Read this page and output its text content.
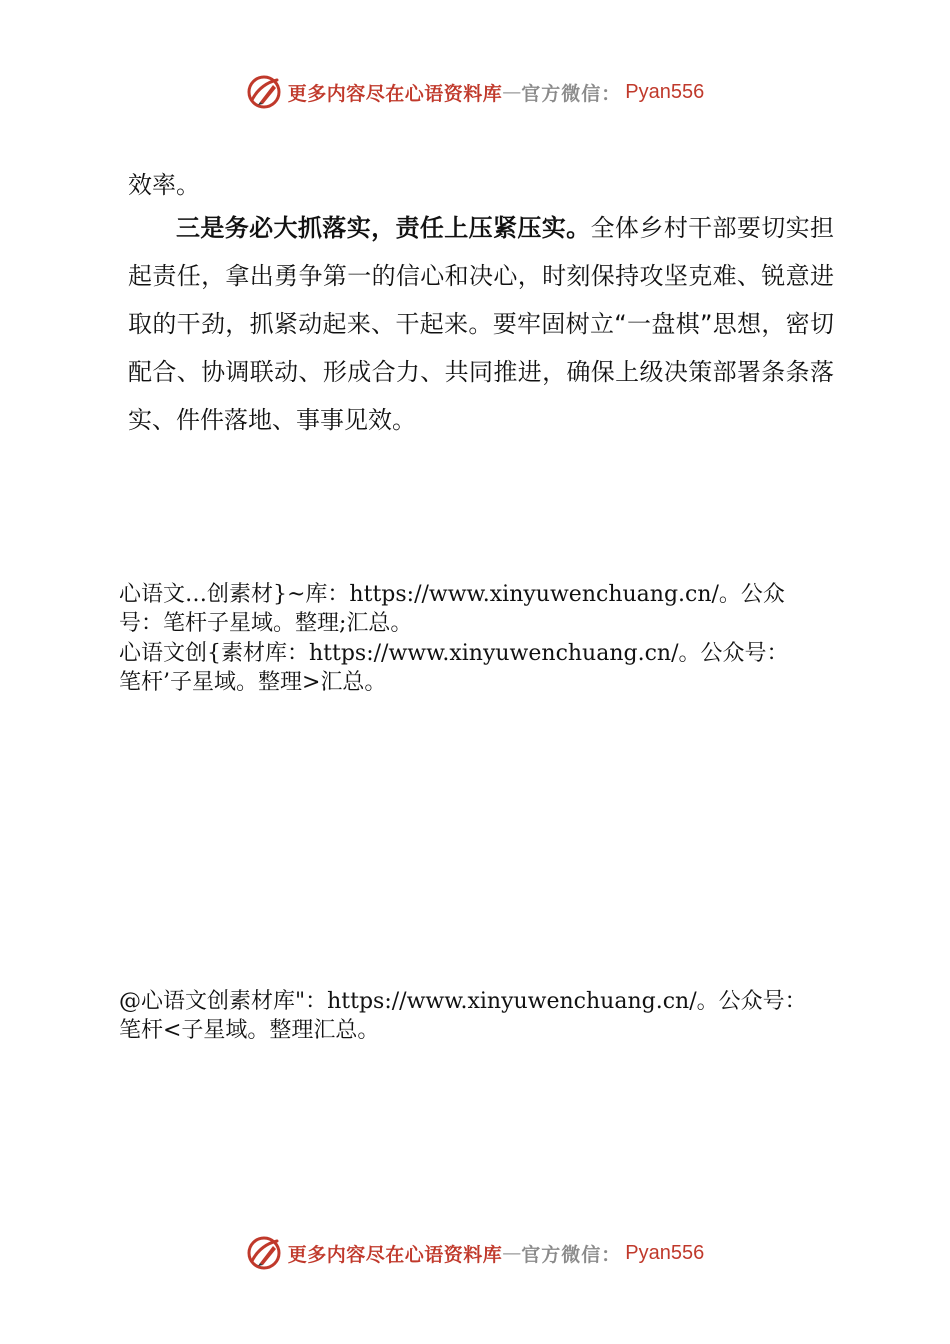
更多内容尽在心语资料库 — 官方微信： Pyan556
效率。
三是务必大抓落实，责任上压紧压实。全体乡村干部要切实担起责任，拿出勇争第一的信心和决心，时刻保持攻坚克难、锐意进取的干劲，抓紧动起来、干起来。要牢固树立“一盘棋”思想，密切配合、协调联动、形成合力、共同推进，确保上级决策部署条条落实、件件落地、事事见效。
心语文…创素材}~库：https://www.xinyuwenchuang.cn/。公众
号：笔杆子星域。整理;汇总。
心语文创{素材库：https://www.xinyuwenchuang.cn/。公众号：
笔杆’子星域。整理>汇总。
@心语文创素材库"：https://www.xinyuwenchuang.cn/。公众号：
笔杆<子星域。整理汇总。
更多内容尽在心语资料库 — 官方微信： Pyan556
